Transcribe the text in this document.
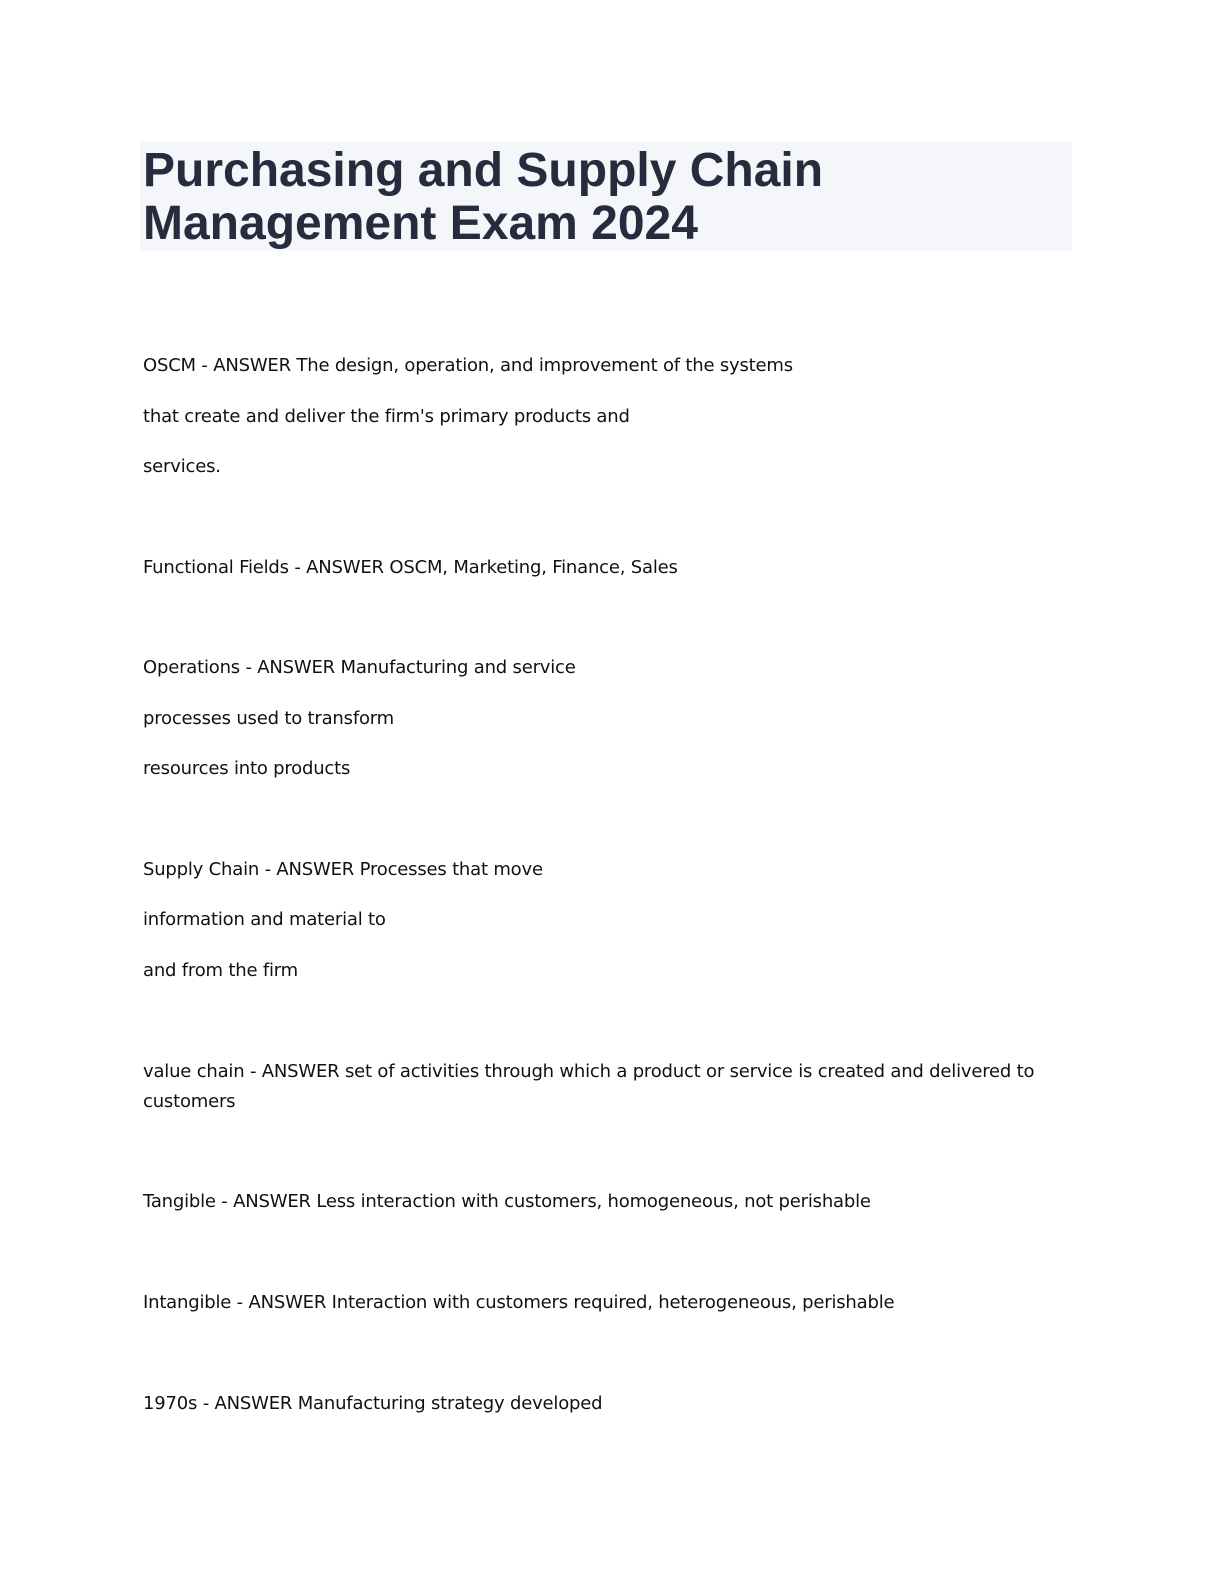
Purchasing and Supply Chain
Management Exam 2024
OSCM - ANSWER The design, operation, and improvement of the systems
that create and deliver the firm's primary products and
services.
Functional Fields - ANSWER OSCM, Marketing, Finance, Sales
Operations - ANSWER Manufacturing and service
processes used to transform
resources into products
Supply Chain - ANSWER Processes that move
information and material to
and from the firm
value chain - ANSWER set of activities through which a product or service is created and delivered to
customers
Tangible - ANSWER Less interaction with customers, homogeneous, not perishable
Intangible - ANSWER Interaction with customers required, heterogeneous, perishable
1970s - ANSWER Manufacturing strategy developed
